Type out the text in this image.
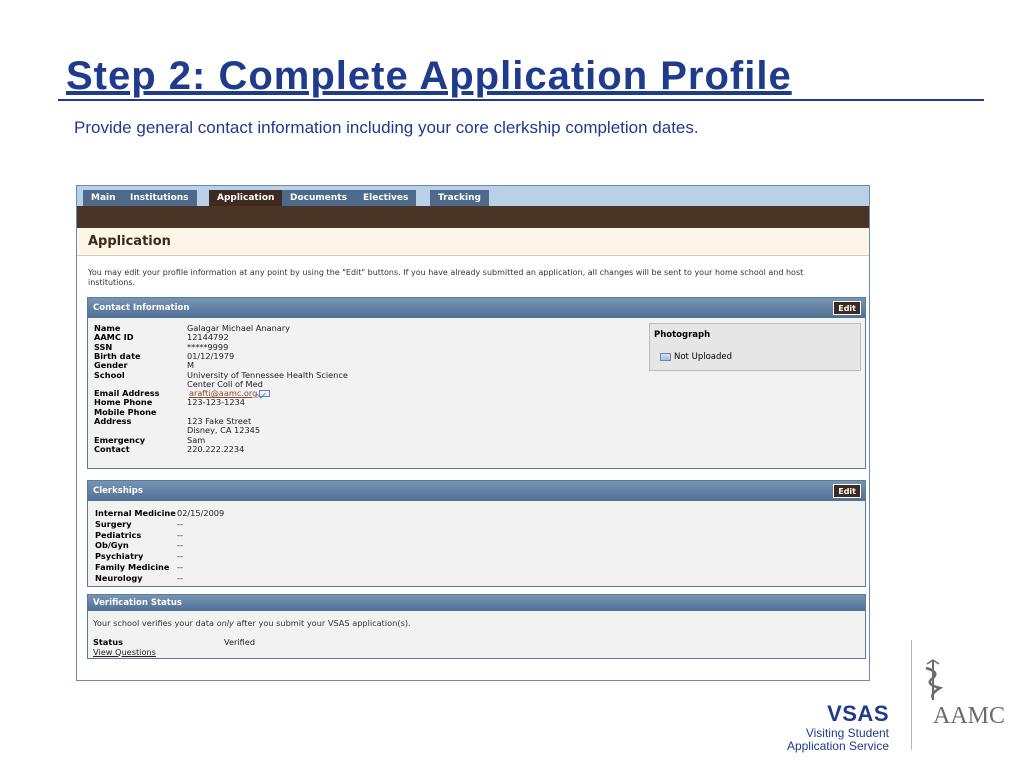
Step 2: Complete Application Profile
Provide general contact information including your core clerkship completion dates.
Main	Institutions	Application	Documents	Electives	Tracking
Application
You may edit your profile information at any point by using the "Edit" buttons. If you have already submitted an application, all changes will be sent to your home school and host institutions.
Contact Information	Edit
Name	Galagar Michael Ananary
AAMC ID	12144792
SSN	*****9999
Birth date	01/12/1979
Gender	M
School	University of Tennessee Health Science
Center Coll of Med
Email Address	arafti@aamc.org
Home Phone	123-123-1234
Mobile Phone
Address	123 Fake Street
Disney, CA 12345
Emergency	Sam
Contact	220.222.2234
Photograph
Not Uploaded
Clerkships	Edit
Internal Medicine 02/15/2009
Surgery	--
Pediatrics	--
Ob/Gyn	--
Psychiatry	--
Family Medicine --
Neurology	--
Verification Status
Your school verifies your data only after you submit your VSAS application(s).
Status	Verified
View Questions
VSAS
Visiting Student
Application Service
AAMC
